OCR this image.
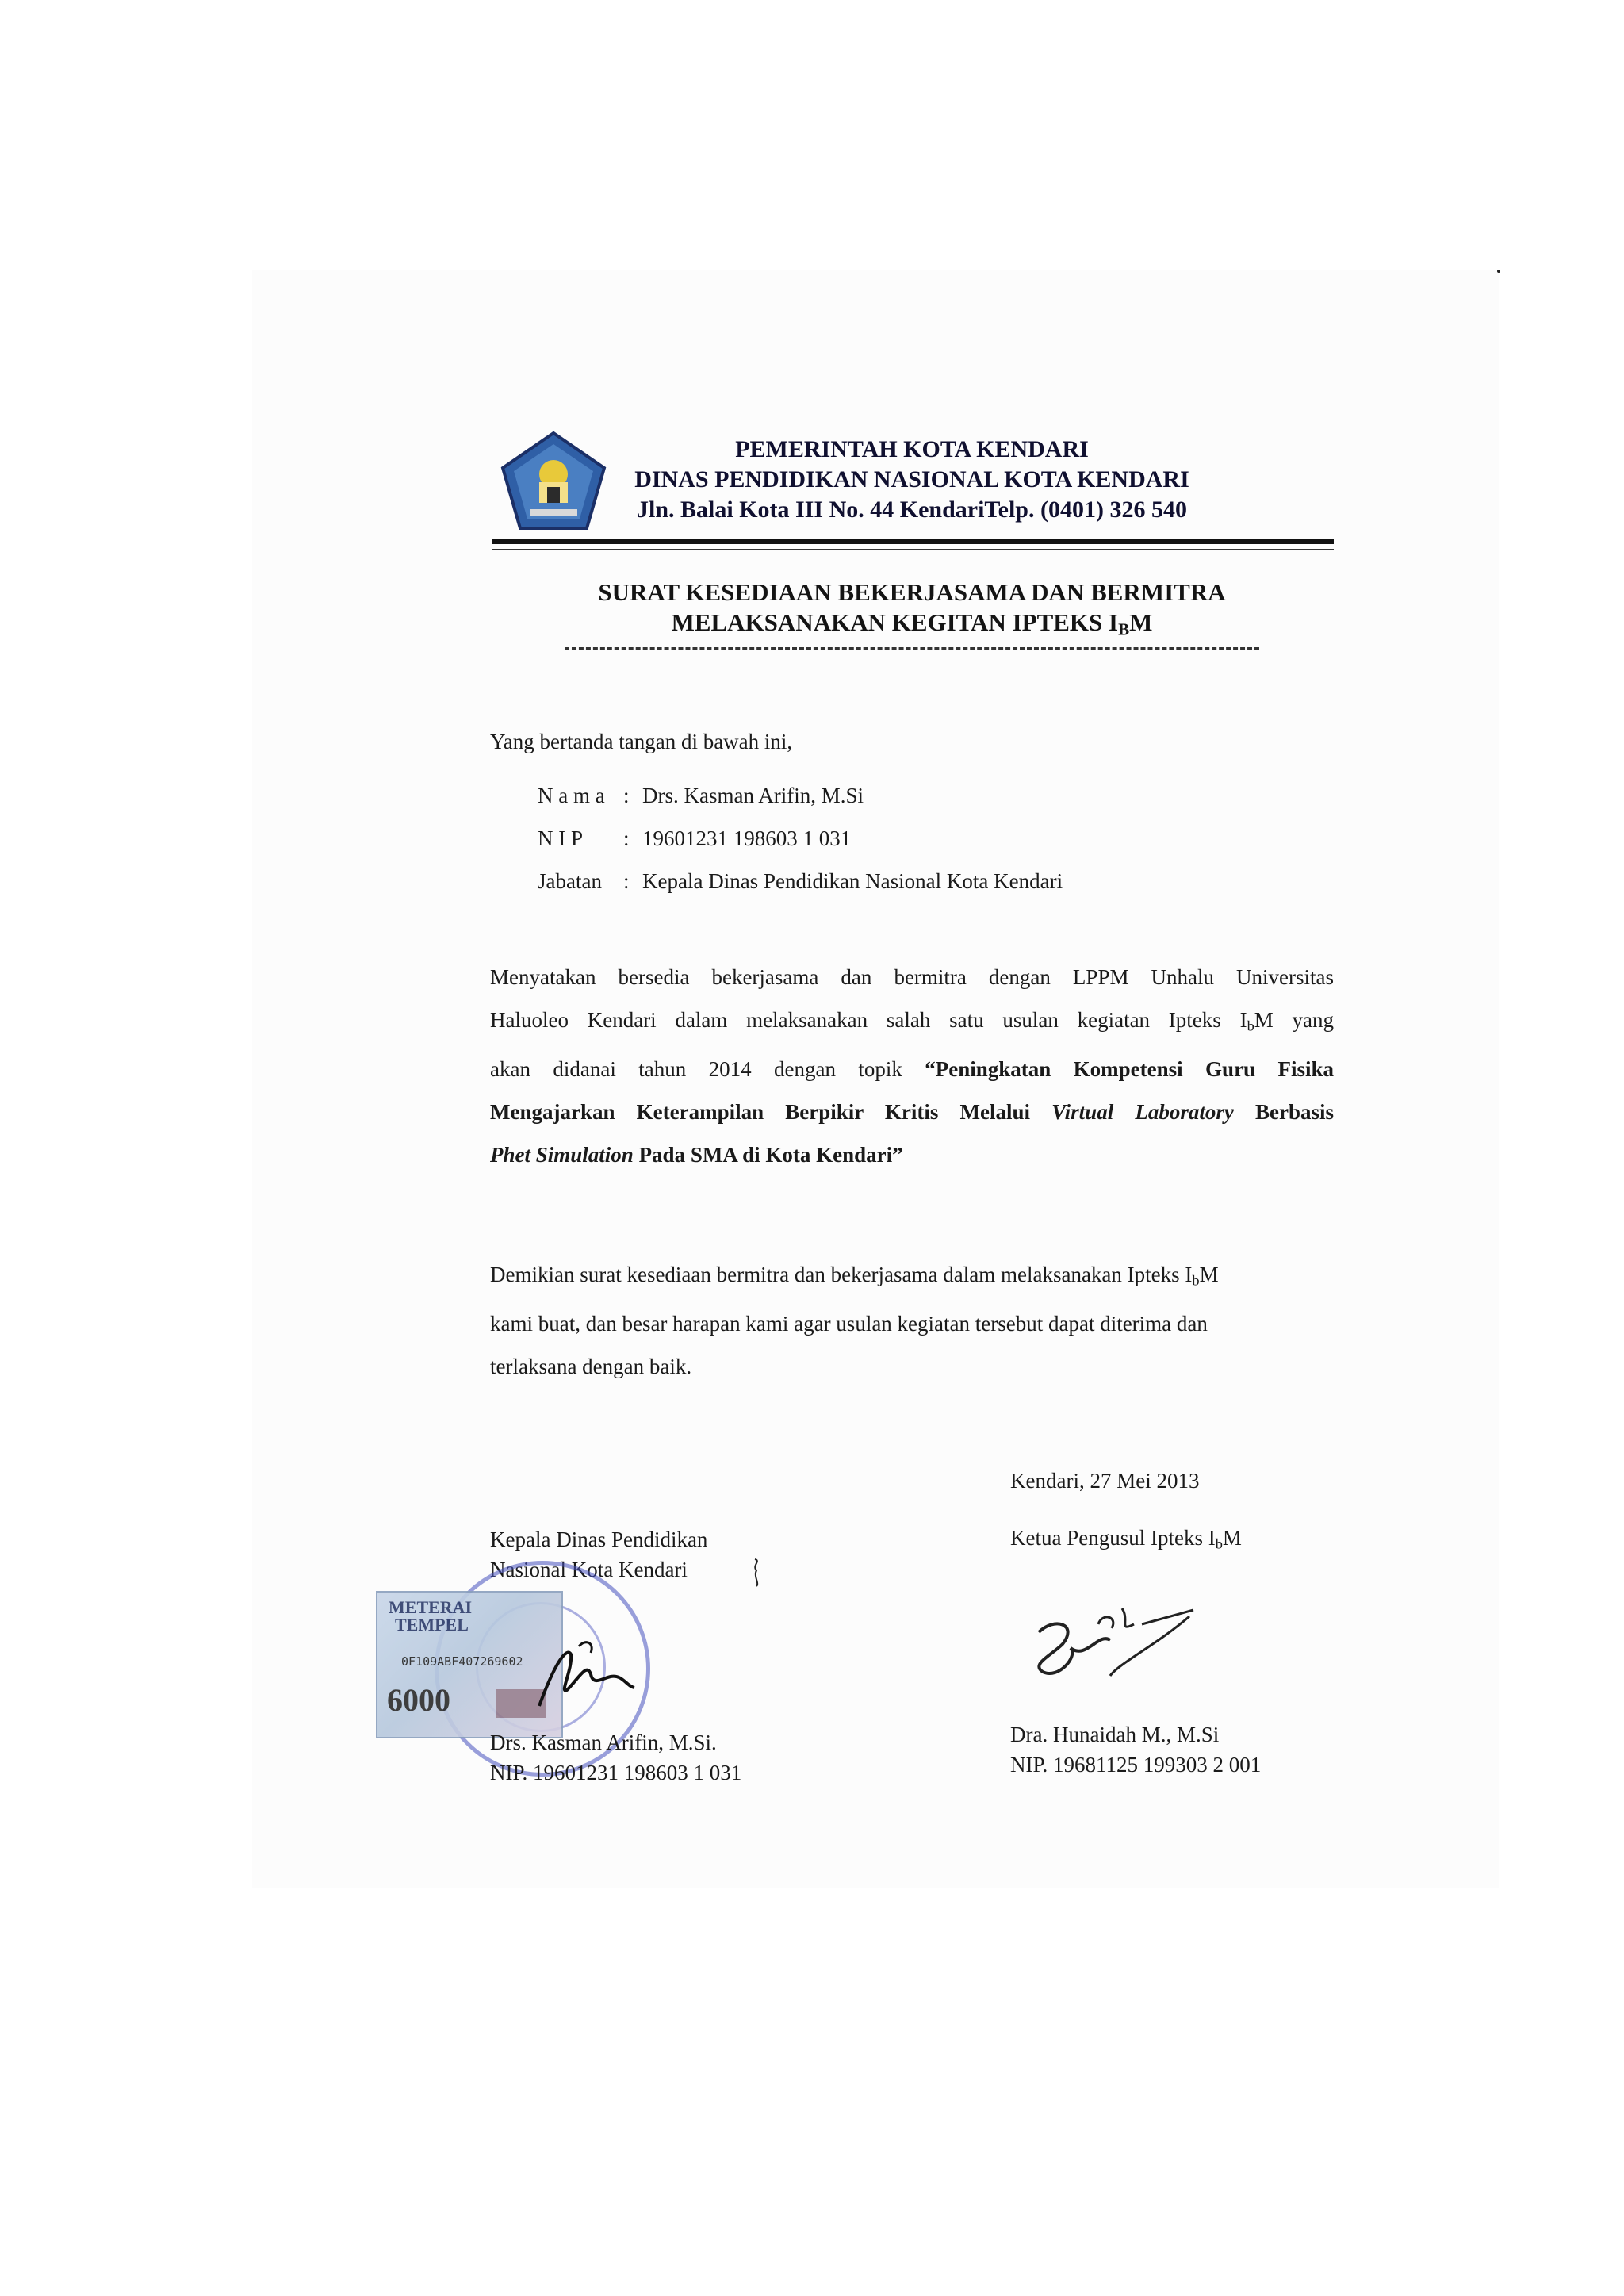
PEMERINTAH KOTA KENDARI
DINAS PENDIDIKAN NASIONAL KOTA KENDARI
Jln. Balai Kota III No. 44 KendariTelp. (0401) 326 540
SURAT KESEDIAAN BEKERJASAMA DAN BERMITRA
MELAKSANAKAN KEGITAN IPTEKS $I_BM$
Yang bertanda tangan di bawah ini,
N a m a : Drs. Kasman Arifin, M.Si
N I P	: 19601231 198603 1 031
Jabatan	: Kepala Dinas Pendidikan Nasional Kota Kendari
Menyatakan bersedia bekerjasama dan bermitra dengan LPPM Unhalu Universitas
Haluoleo Kendari dalam melaksanakan salah satu usulan kegiatan Ipteks $I_bM$ yang
akan didanai tahun 2014 dengan topik “Peningkatan Kompetensi Guru Fisika
Mengajarkan Keterampilan Berpikir Kritis Melalui Virtual Laboratory Berbasis
Phet Simulation Pada SMA di Kota Kendari”
Demikian surat kesediaan bermitra dan bekerjasama dalam melaksanakan Ipteks $I_bM$
kami buat, dan besar harapan kami agar usulan kegiatan tersebut dapat diterima dan
terlaksana dengan baik.
Kendari, 27 Mei 2013
Ketua Pengusul Ipteks $I_bM$
Dra. Hunaidah M., M.Si
NIP. 19681125 199303 2 001
Kepala Dinas Pendidikan
Nasional Kota Kendari
METERAI
TEMPEL
0F109ABF407269602
6000
Drs. Kasman Arifin, M.Si.
NIP. 19601231 198603 1 031
